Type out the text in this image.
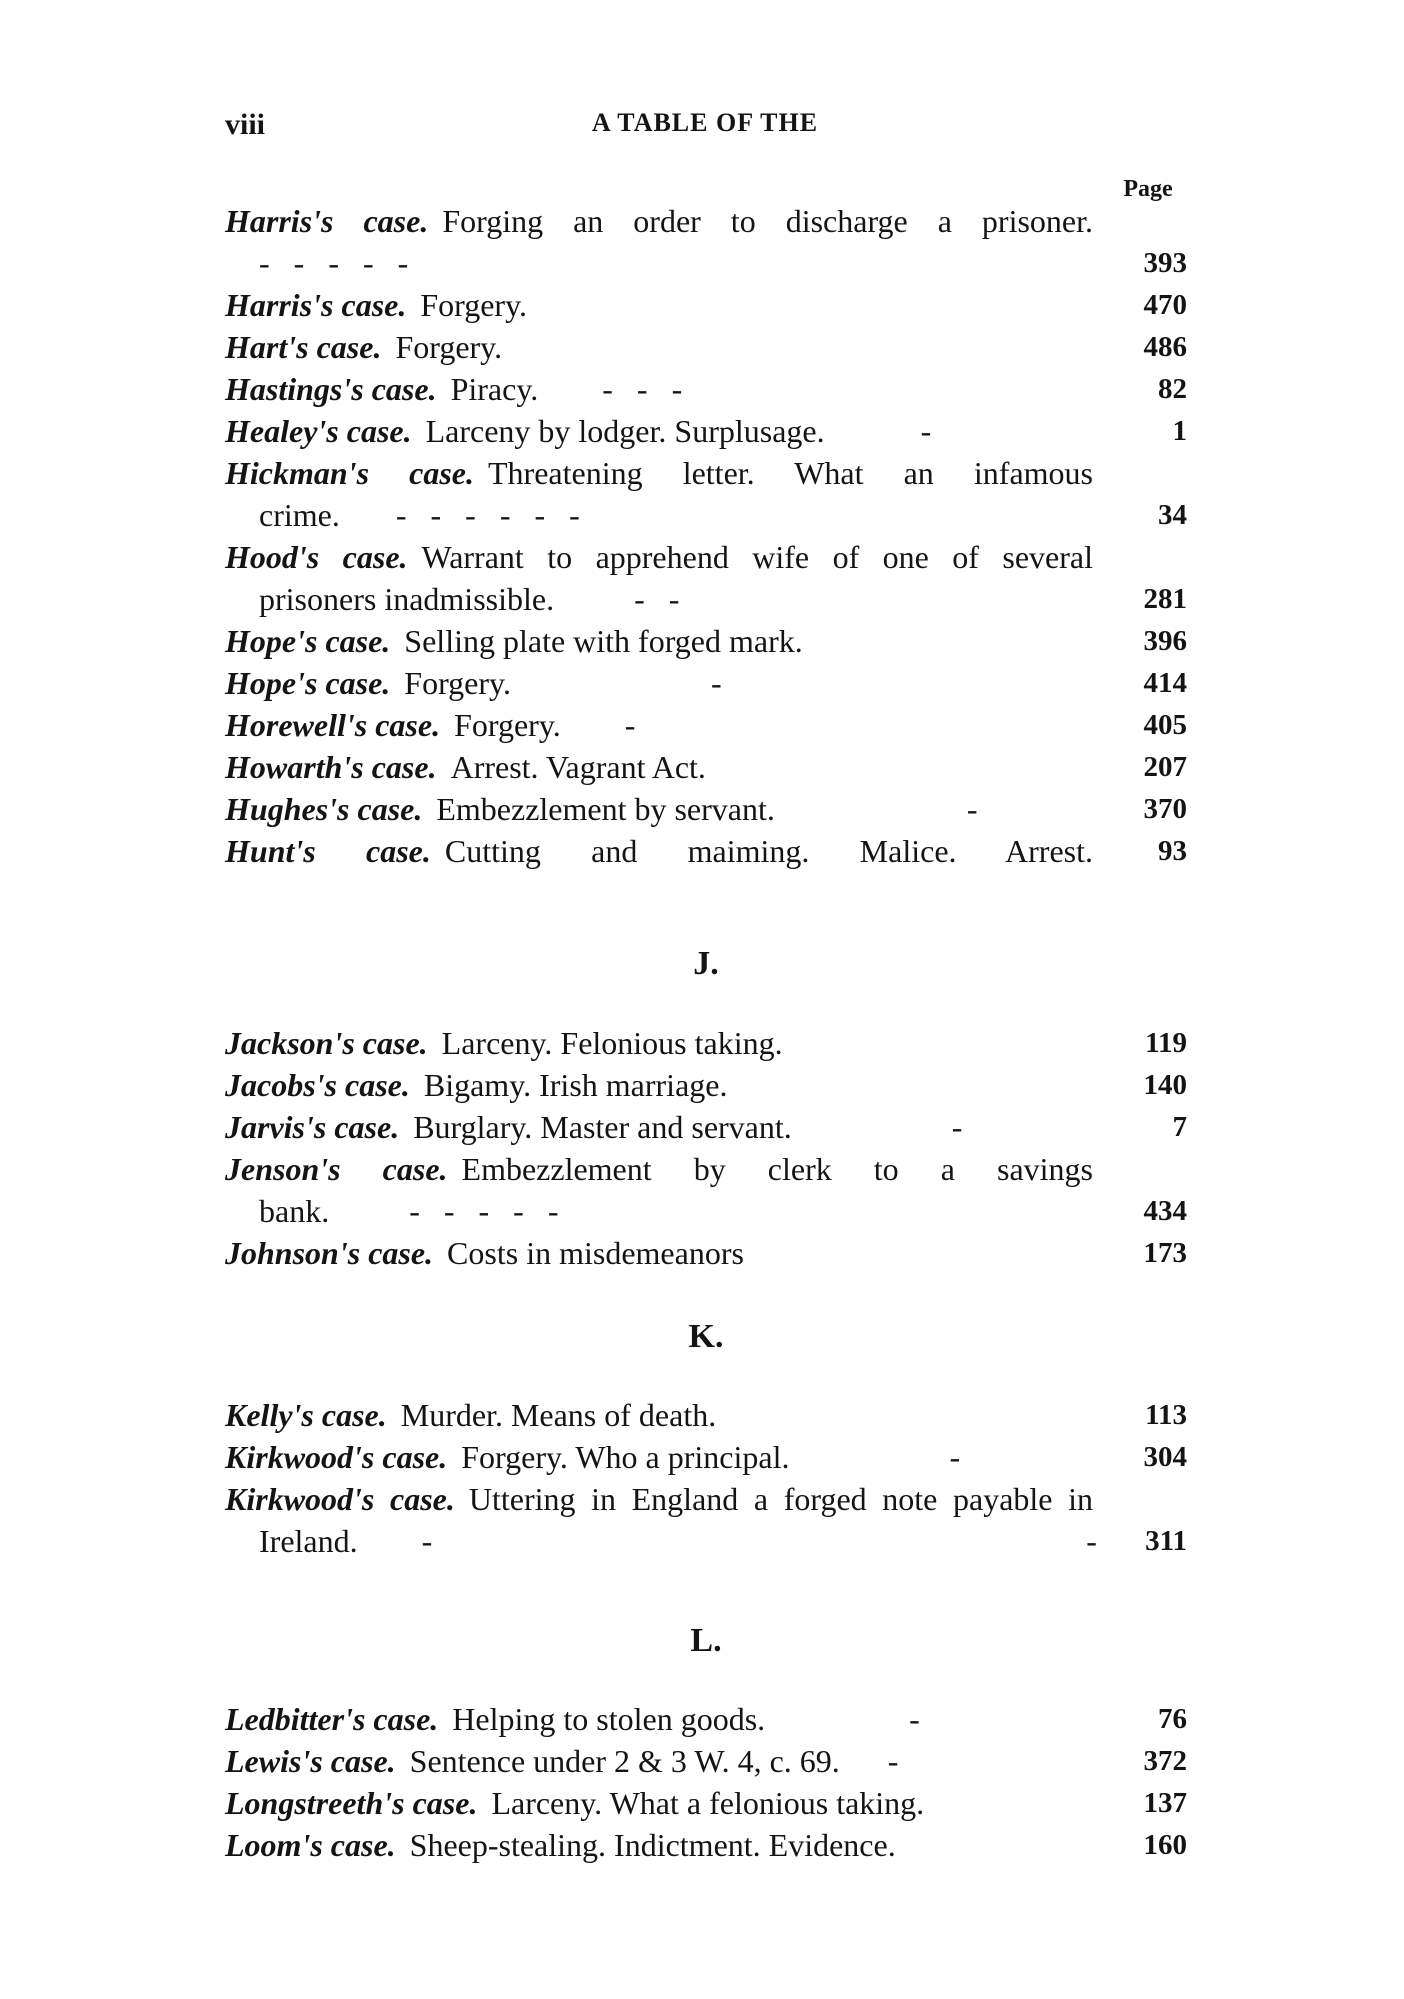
viii	A TABLE OF THE
Page
Harris's case. Forging an order to discharge a prisoner. -   -   -   -   -	393
Harris's case. Forgery.	470
Hart's case. Forgery.	486
Hastings's case. Piracy. -   -   -	82
Healey's case. Larceny by lodger. Surplusage.	-	1
Hickman's case. Threatening letter. What an infamous crime. -   -   -   -   -   -	34
Hood's case. Warrant to apprehend wife of one of several prisoners inadmissible.	-   -	281
Hope's case. Selling plate with forged mark.	396
Hope's case. Forgery.	-	414
Horewell's case. Forgery. -	405
Howarth's case. Arrest. Vagrant Act.	207
Hughes's case. Embezzlement by servant.	-	370
Hunt's case. Cutting and maiming. Malice. Arrest.	93
J.
Jackson's case. Larceny. Felonious taking.	119
Jacobs's case. Bigamy. Irish marriage.	140
Jarvis's case. Burglary. Master and servant.	-	7
Jenson's case. Embezzlement by clerk to a savings bank.	-   -   -   -   -	434
Johnson's case. Costs in misdemeanors	173
K.
Kelly's case. Murder. Means of death.	113
Kirkwood's case. Forgery. Who a principal.	-	304
Kirkwood's case. Uttering in England a forged note payable in Ireland. -   -	311
L.
Ledbitter's case. Helping to stolen goods.	-	76
Lewis's case. Sentence under 2 & 3 W. 4, c. 69. -	372
Longstreeth's case. Larceny. What a felonious taking.	137
Loom's case. Sheep-stealing. Indictment. Evidence.	160
